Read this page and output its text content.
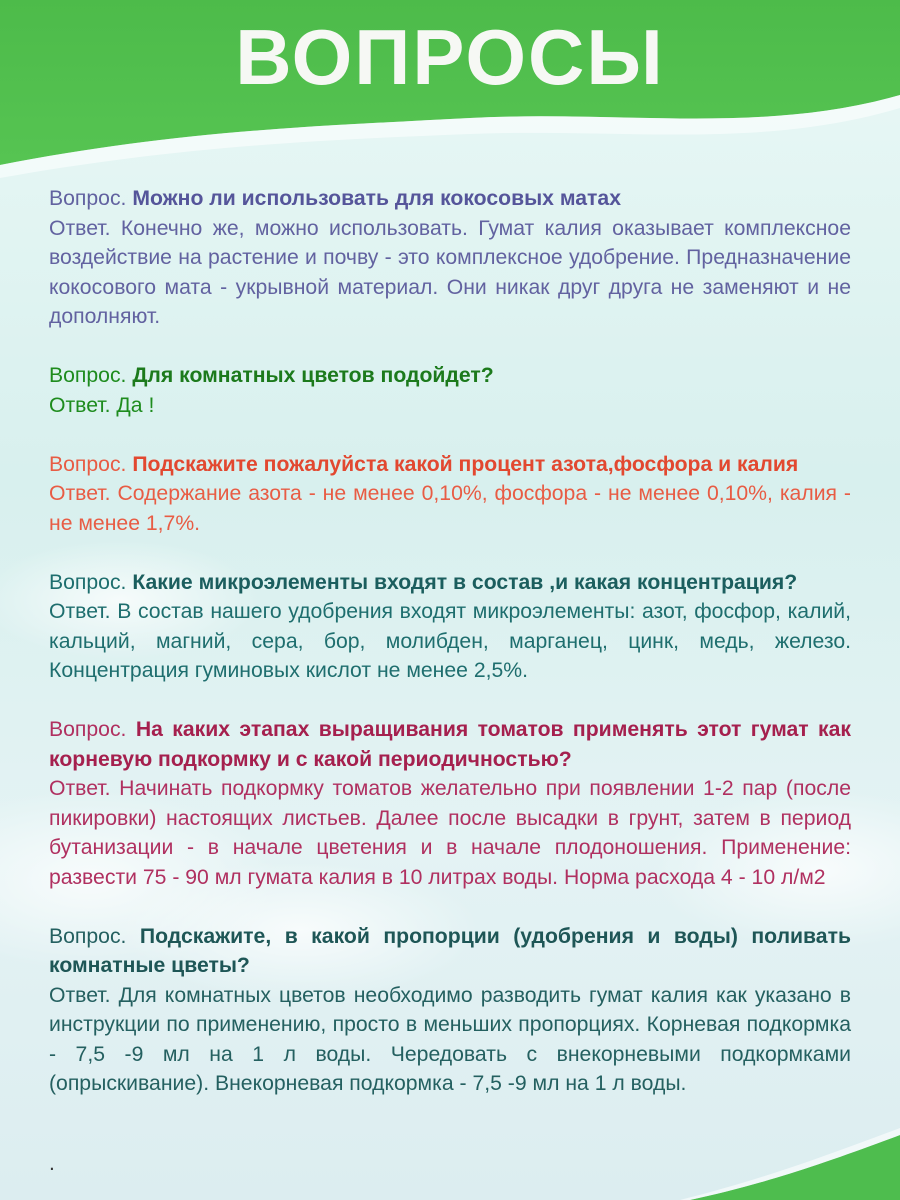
ВОПРОСЫ

Вопрос. Можно ли использовать для кокосовых матах

Ответ. Конечно же, можно использовать. Гумат калия оказывает комплексное воздействие на растение и почву - это комплексное удобрение. Предназначение кокосового мата - укрывной материал. Они никак друг друга не заменяют и не дополняют.

Вопрос. Для комнатных цветов подойдет?

Ответ. Да !

Вопрос. Подскажите пожалуйста какой процент азота,фосфора и калия

Ответ. Содержание азота - не менее 0,10%, фосфора - не менее 0,10%, калия - не менее 1,7%.

Вопрос. Какие микроэлементы входят в состав ,и какая концентрация?

Ответ. В состав нашего удобрения входят микроэлементы: азот, фосфор, калий, кальций, магний, сера, бор, молибден, марганец, цинк, медь, железо. Концентрация гуминовых кислот не менее 2,5%.

Вопрос. На каких этапах выращивания томатов применять этот гумат как корневую подкормку и с какой периодичностью?

Ответ. Начинать подкормку томатов желательно при появлении 1-2 пар (после пикировки) настоящих листьев. Далее после высадки в грунт, затем в период бутанизации - в начале цветения и в начале плодоношения. Применение: развести 75 - 90 мл гумата калия в 10 литрах воды. Норма расхода 4 - 10 л/м2

Вопрос. Подскажите, в какой пропорции (удобрения и воды) поливать комнатные цветы?

Ответ. Для комнатных цветов необходимо разводить гумат калия как указано в инструкции по применению, просто в меньших пропорциях. Корневая подкормка - 7,5 -9 мл на 1 л воды. Чередовать с внекорневыми подкормками (опрыскивание). Внекорневая подкормка - 7,5 -9 мл на 1 л воды.

.
